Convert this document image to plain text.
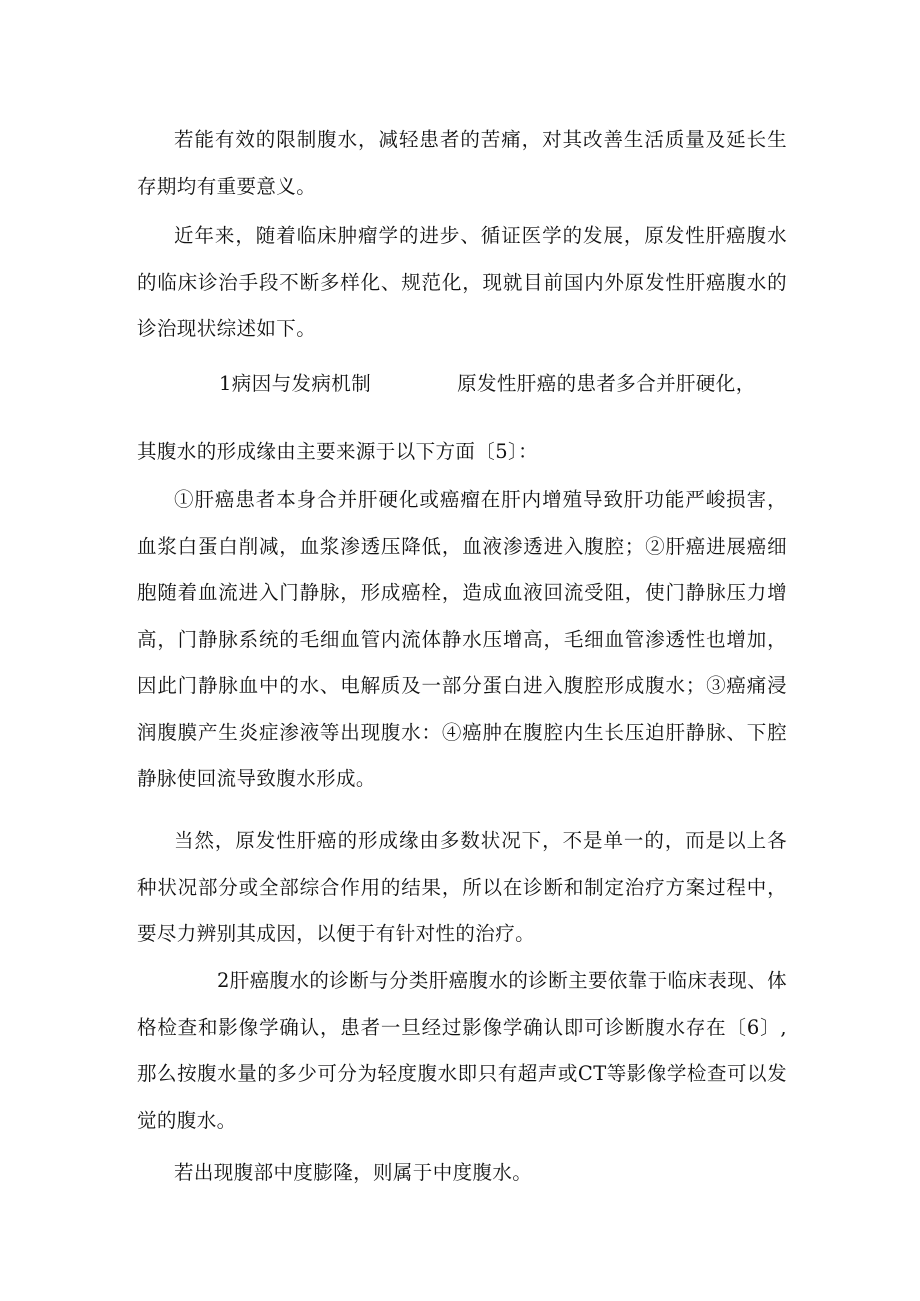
若能有效的限制腹水，减轻患者的苦痛，对其改善生活质量及延长生存期均有重要意义。

近年来，随着临床肿瘤学的进步、循证医学的发展，原发性肝癌腹水的临床诊治手段不断多样化、规范化，现就目前国内外原发性肝癌腹水的诊治现状综述如下。

1病因与发病机制	原发性肝癌的患者多合并肝硬化，

其腹水的形成缘由主要来源于以下方面〔5〕：

①肝癌患者本身合并肝硬化或癌瘤在肝内增殖导致肝功能严峻损害，血浆白蛋白削减，血浆渗透压降低，血液渗透进入腹腔；②肝癌进展癌细胞随着血流进入门静脉，形成癌栓，造成血液回流受阻，使门静脉压力增高，门静脉系统的毛细血管内流体静水压增高，毛细血管渗透性也增加，因此门静脉血中的水、电解质及一部分蛋白进入腹腔形成腹水；③癌痛浸润腹膜产生炎症渗液等出现腹水：④癌肿在腹腔内生长压迫肝静脉、下腔静脉使回流导致腹水形成。

当然，原发性肝癌的形成缘由多数状况下，不是单一的，而是以上各种状况部分或全部综合作用的结果，所以在诊断和制定治疗方案过程中，要尽力辨别其成因，以便于有针对性的治疗。

2肝癌腹水的诊断与分类肝癌腹水的诊断主要依靠于临床表现、体格检查和影像学确认，患者一旦经过影像学确认即可诊断腹水存在〔6〕,那么按腹水量的多少可分为轻度腹水即只有超声或CT等影像学检查可以发觉的腹水。

若出现腹部中度膨隆，则属于中度腹水。
